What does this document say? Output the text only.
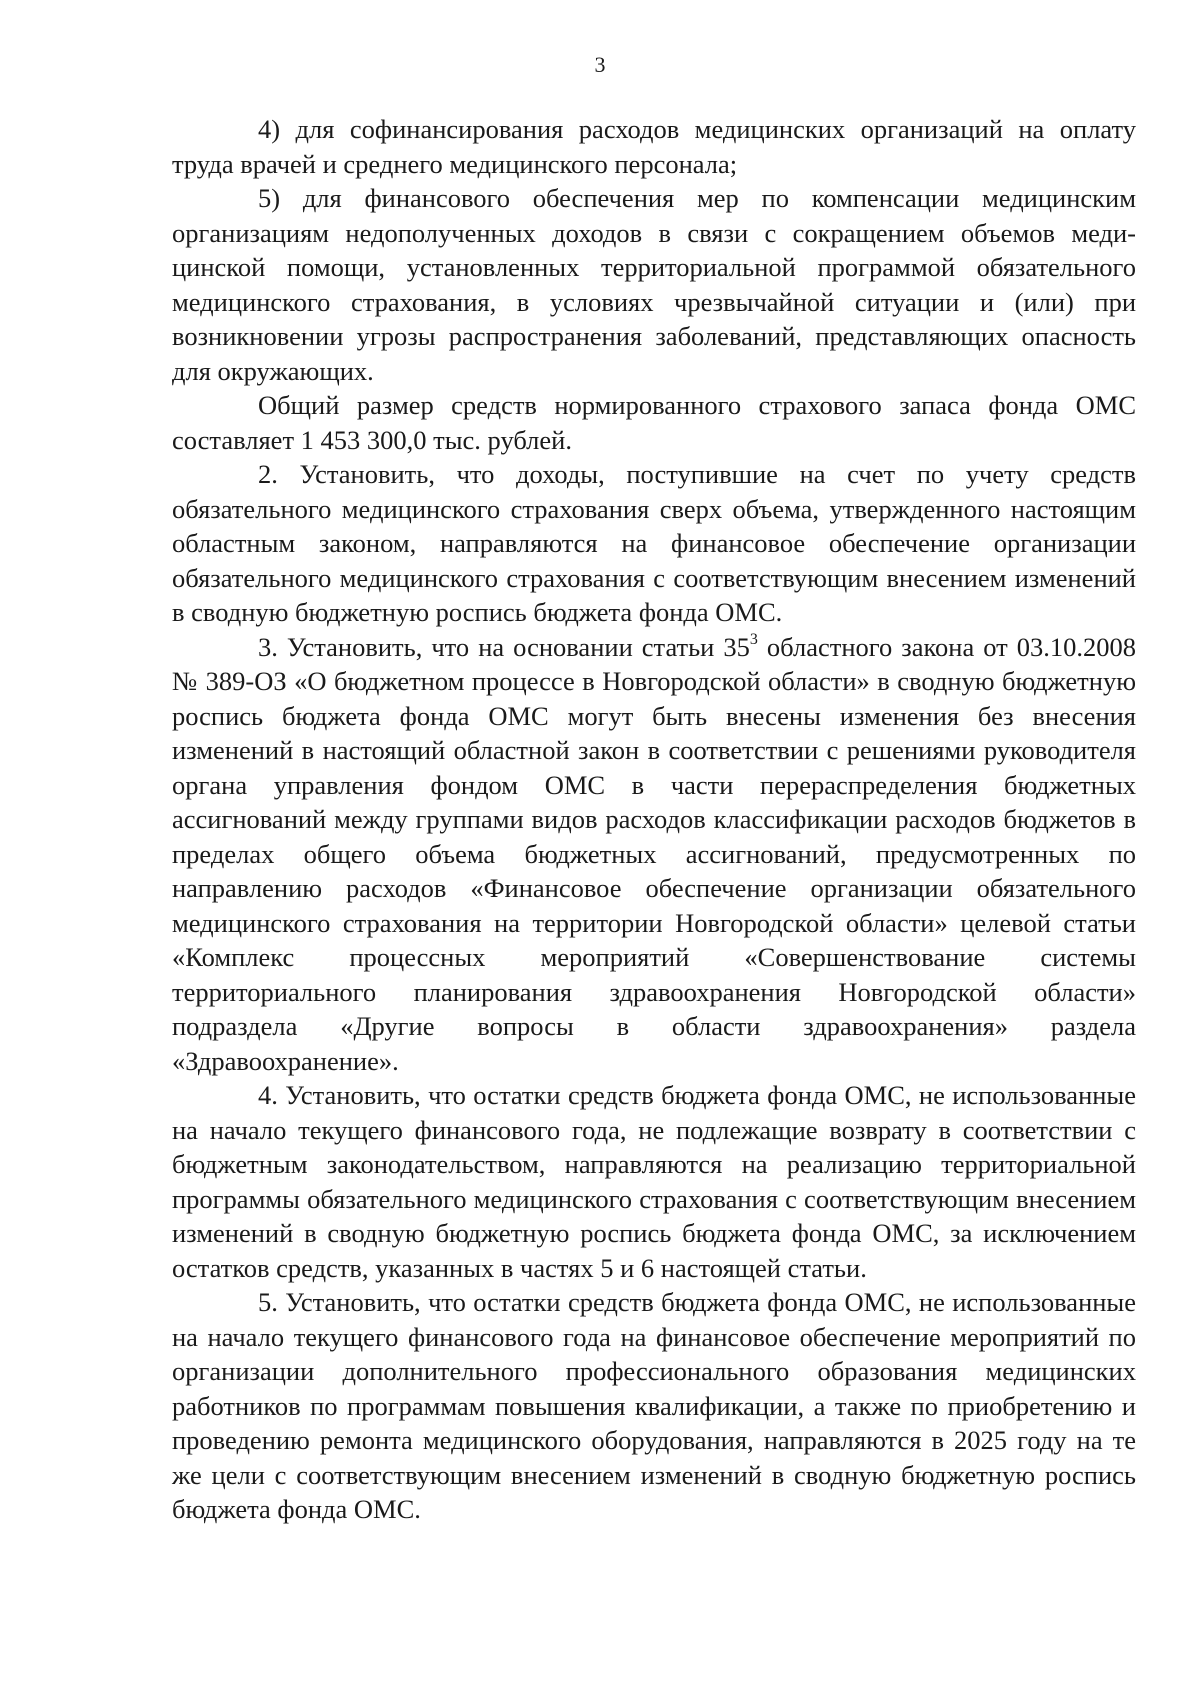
3

4) для софинансирования расходов медицинских организаций на оплату труда врачей и среднего медицинского персонала;

5) для финансового обеспечения мер по компенсации медицинским организациям недополученных доходов в связи с сокращением объемов медицинской помощи, установленных территориальной программой обязательного медицинского страхования, в условиях чрезвычайной ситуации и (или) при возникновении угрозы распространения заболеваний, представляющих опасность для окружающих.

Общий размер средств нормированного страхового запаса фонда ОМС составляет 1 453 300,0 тыс. рублей.

2. Установить, что доходы, поступившие на счет по учету средств обязательного медицинского страхования сверх объема, утвержденного настоящим областным законом, направляются на финансовое обеспечение организации обязательного медицинского страхования с соответствующим внесением изменений в сводную бюджетную роспись бюджета фонда ОМС.

3. Установить, что на основании статьи $35^3$ областного закона от 03.10.2008 № 389-ОЗ «О бюджетном процессе в Новгородской области» в сводную бюджетную роспись бюджета фонда ОМС могут быть внесены изменения без внесения изменений в настоящий областной закон в соответствии с решениями руководителя органа управления фондом ОМС в части перераспределения бюджетных ассигнований между группами видов расходов классификации расходов бюджетов в пределах общего объема бюджетных ассигнований, предусмотренных по направлению расходов «Финансовое обеспечение организации обязательного медицинского страхования на территории Новгородской области» целевой статьи «Комплекс процессных мероприятий «Совершенствование системы территориального планирования здравоохранения Новгородской области» подраздела «Другие вопросы в области здравоохранения» раздела «Здравоохранение».

4. Установить, что остатки средств бюджета фонда ОМС, не использованные на начало текущего финансового года, не подлежащие возврату в соответствии с бюджетным законодательством, направляются на реализацию территориальной программы обязательного медицинского страхования с соответствующим внесением изменений в сводную бюджетную роспись бюджета фонда ОМС, за исключением остатков средств, указанных в частях 5 и 6 настоящей статьи.

5. Установить, что остатки средств бюджета фонда ОМС, не использованные на начало текущего финансового года на финансовое обеспечение мероприятий по организации дополнительного профессионального образования медицинских работников по программам повышения квалификации, а также по приобретению и проведению ремонта медицинского оборудования, направляются в 2025 году на те же цели с соответствующим внесением изменений в сводную бюджетную роспись бюджета фонда ОМС.
